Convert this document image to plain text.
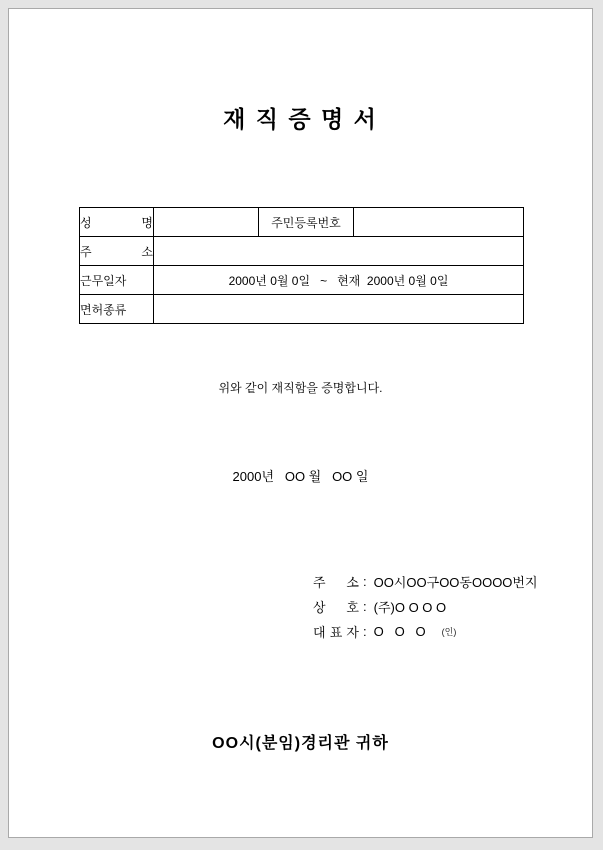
재 직 증 명 서
성 명		주민등록번호	
주 소			
근무일자	2000년 0월 0일   ~   현재  2000년 0월 0일		
면허종류			
위와 같이 재직함을 증명합니다.
2000년   OO 월   OO 일
주 소 : OO시OO구OO동OOOO번지
상 호 : (주)O O O O
대 표 자 : O   O   O (인)
OO시(분임)경리관 귀하
